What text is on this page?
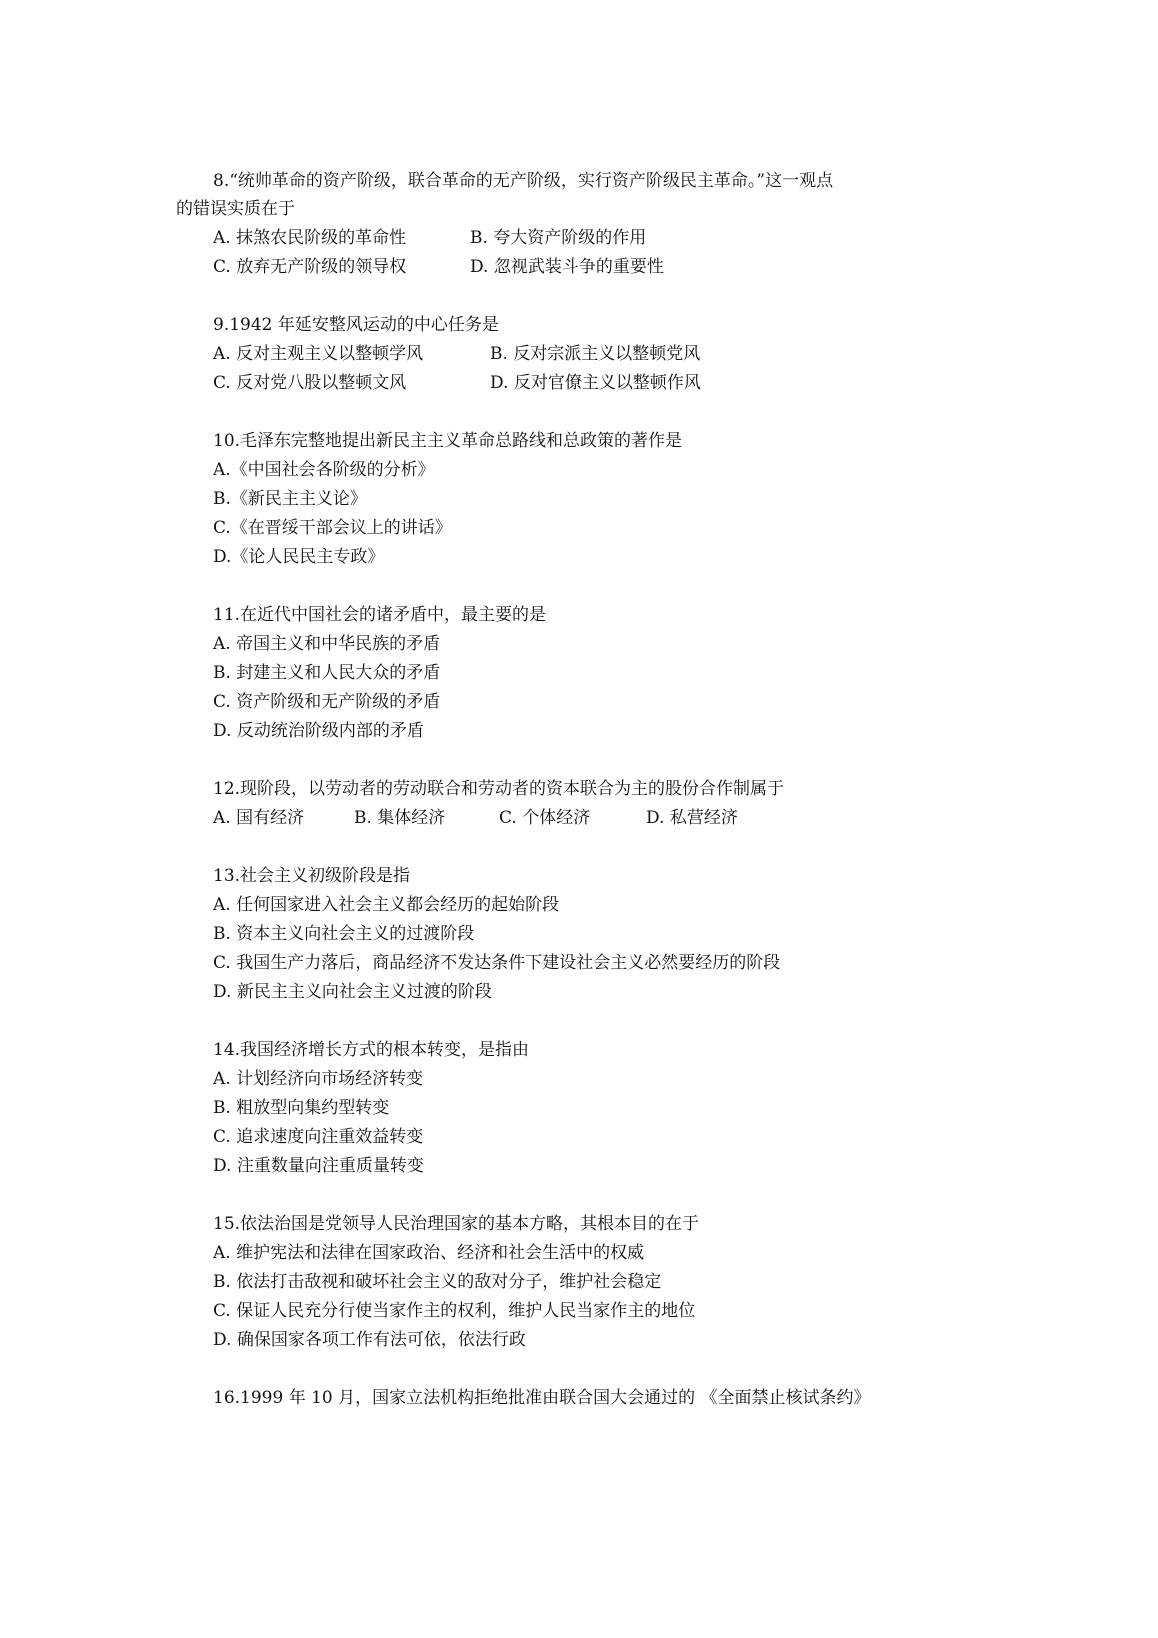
8.“统帅革命的资产阶级，联合革命的无产阶级，实行资产阶级民主革命。”这一观点
的错误实质在于
A. 抹煞农民阶级的革命性	B. 夸大资产阶级的作用
C. 放弃无产阶级的领导权	D. 忽视武装斗争的重要性
9.1942 年延安整风运动的中心任务是
A. 反对主观主义以整顿学风	B. 反对宗派主义以整顿党风
C. 反对党八股以整顿文风	D. 反对官僚主义以整顿作风
10.毛泽东完整地提出新民主主义革命总路线和总政策的著作是
A.《中国社会各阶级的分析》
B.《新民主主义论》
C.《在晋绥干部会议上的讲话》
D.《论人民民主专政》
11.在近代中国社会的诸矛盾中，最主要的是
A. 帝国主义和中华民族的矛盾
B. 封建主义和人民大众的矛盾
C. 资产阶级和无产阶级的矛盾
D. 反动统治阶级内部的矛盾
12.现阶段，以劳动者的劳动联合和劳动者的资本联合为主的股份合作制属于
A. 国有经济	B. 集体经济	C. 个体经济	D. 私营经济
13.社会主义初级阶段是指
A. 任何国家进入社会主义都会经历的起始阶段
B. 资本主义向社会主义的过渡阶段
C. 我国生产力落后，商品经济不发达条件下建设社会主义必然要经历的阶段
D. 新民主主义向社会主义过渡的阶段
14.我国经济增长方式的根本转变，是指由
A. 计划经济向市场经济转变
B. 粗放型向集约型转变
C. 追求速度向注重效益转变
D. 注重数量向注重质量转变
15.依法治国是党领导人民治理国家的基本方略，其根本目的在于
A. 维护宪法和法律在国家政治、经济和社会生活中的权威
B. 依法打击敌视和破坏社会主义的敌对分子，维护社会稳定
C. 保证人民充分行使当家作主的权利，维护人民当家作主的地位
D. 确保国家各项工作有法可依，依法行政
16.1999 年 10 月，国家立法机构拒绝批准由联合国大会通过的 《全面禁止核试条约》
